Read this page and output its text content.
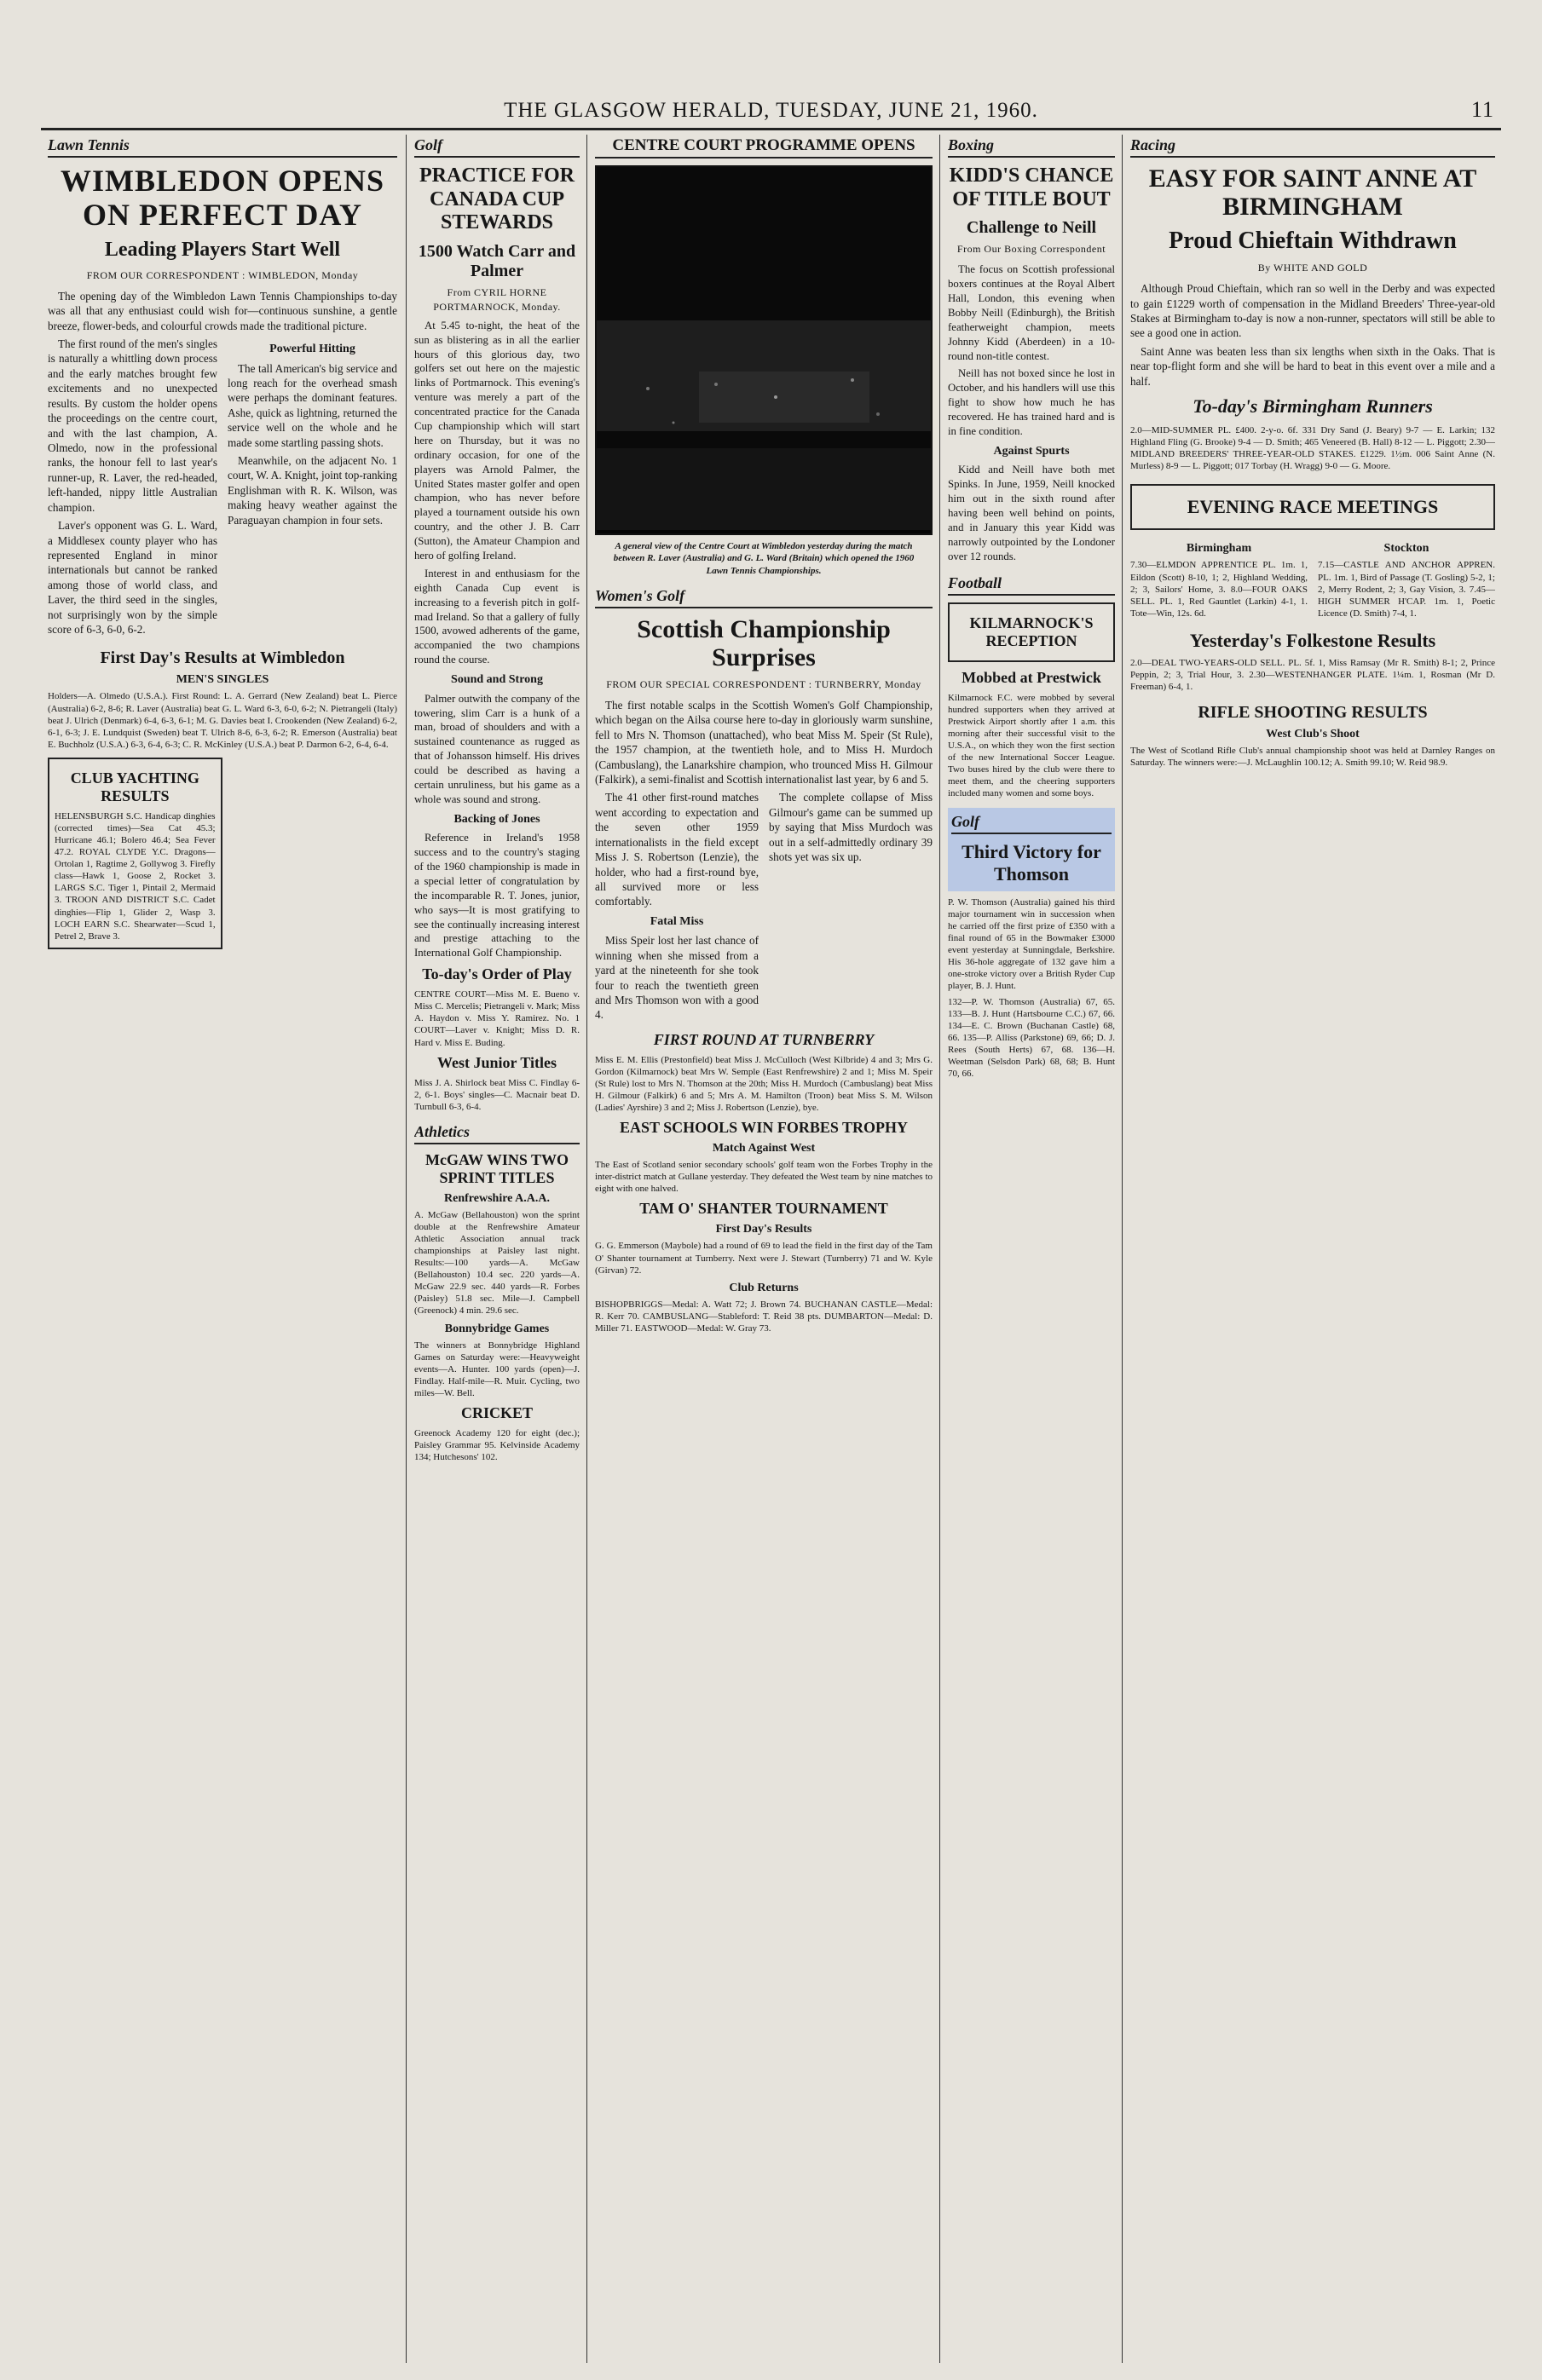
THE GLASGOW HERALD, TUESDAY, JUNE 21, 1960.	11
Lawn Tennis
WIMBLEDON OPENS ON PERFECT DAY
Leading Players Start Well
FROM OUR CORRESPONDENT : WIMBLEDON, Monday

The opening day of the Wimbledon Lawn Tennis Championships to-day was all that any enthusiast could wish for—continuous sunshine, a gentle breeze, flower-beds, and colourful crowds made the traditional picture.

The first round of the men's singles is naturally a whittling down process and the early matches brought few excitements and no unexpected results. By custom the holder opens the proceedings on the centre court, and with the last champion, A. Olmedo, now in the professional ranks, the honour fell to last year's runner-up, R. Laver, the red-headed, left-handed, nippy little Australian champion.

Laver's opponent was G. L. Ward, a Middlesex county player who has represented England in minor internationals but cannot be ranked among those of world class, and Laver, the third seed in the singles, not surprisingly won by the simple score of 6-3, 6-0, 6-2.

Powerful Hitting

The tall American's big service and long reach for the overhead smash were perhaps the dominant features. Ashe, quick as lightning, returned the service well on the whole and he made some startling passing shots.

Meanwhile, on the adjacent No. 1 court, W. A. Knight, joint top-ranking Englishman with R. K. Wilson, was making heavy weather against the Paraguayan champion in four sets.

First Day's Results at Wimbledon
MEN'S SINGLES
Holders—A. Olmedo (U.S.A.). First Round: L. A. Gerrard (New Zealand) beat L. Pierce (Australia) 6-2, 8-6; R. Laver (Australia) beat G. L. Ward 6-3, 6-0, 6-2; N. Pietrangeli (Italy) beat J. Ulrich (Denmark) 6-4, 6-3, 6-1; M. G. Davies beat I. Crookenden (New Zealand) 6-2, 6-1, 6-3; J. E. Lundquist (Sweden) beat T. Ulrich 8-6, 6-3, 6-2; R. Emerson (Australia) beat E. Buchholz (U.S.A.) 6-3, 6-4, 6-3; C. R. McKinley (U.S.A.) beat P. Darmon 6-2, 6-4, 6-4.
CLUB YACHTING RESULTS
HELENSBURGH S.C. Handicap dinghies (corrected times)—Sea Cat 45.3; Hurricane 46.1; Bolero 46.4; Sea Fever 47.2. ROYAL CLYDE Y.C. Dragons—Ortolan 1, Ragtime 2, Gollywog 3. Firefly class—Hawk 1, Goose 2, Rocket 3. LARGS S.C. Tiger 1, Pintail 2, Mermaid 3. TROON AND DISTRICT S.C. Cadet dinghies—Flip 1, Glider 2, Wasp 3. LOCH EARN S.C. Shearwater—Scud 1, Petrel 2, Brave 3.
Golf
PRACTICE FOR CANADA CUP STEWARDS
1500 Watch Carr and Palmer
From CYRIL HORNE
PORTMARNOCK, Monday.

At 5.45 to-night, the heat of the sun as blistering as in all the earlier hours of this glorious day, two golfers set out here on the majestic links of Portmarnock. This evening's venture was merely a part of the concentrated practice for the Canada Cup championship which will start here on Thursday, but it was no ordinary occasion, for one of the players was Arnold Palmer, the United States master golfer and open champion, who has never before played a tournament outside his own country, and the other J. B. Carr (Sutton), the Amateur Champion and hero of golfing Ireland.

Interest in and enthusiasm for the eighth Canada Cup event is increasing to a feverish pitch in golf-mad Ireland. So that a gallery of fully 1500, avowed adherents of the game, accompanied the two champions round the course.

Sound and Strong

Palmer outwith the company of the towering, slim Carr is a hunk of a man, broad of shoulders and with a sustained countenance as rugged as that of Johansson himself. His drives could be described as having a certain unruliness, but his game as a whole was sound and strong.

Backing of Jones

Reference in Ireland's 1958 success and to the country's staging of the 1960 championship is made in a special letter of congratulation by the incomparable R. T. Jones, junior, who says—It is most gratifying to see the continually increasing interest and prestige attaching to the International Golf Championship.

To-day's Order of Play
CENTRE COURT—Miss M. E. Bueno v. Miss C. Mercelis; Pietrangeli v. Mark; Miss A. Haydon v. Miss Y. Ramirez. No. 1 COURT—Laver v. Knight; Miss D. R. Hard v. Miss E. Buding.
West Junior Titles
Miss J. A. Shirlock beat Miss C. Findlay 6-2, 6-1. Boys' singles—C. Macnair beat D. Turnbull 6-3, 6-4.
Athletics
McGAW WINS TWO SPRINT TITLES
Renfrewshire A.A.A.
A. McGaw (Bellahouston) won the sprint double at the Renfrewshire Amateur Athletic Association annual track championships at Paisley last night. Results:—100 yards—A. McGaw (Bellahouston) 10.4 sec. 220 yards—A. McGaw 22.9 sec. 440 yards—R. Forbes (Paisley) 51.8 sec. Mile—J. Campbell (Greenock) 4 min. 29.6 sec.
Bonnybridge Games
The winners at Bonnybridge Highland Games on Saturday were:—Heavyweight events—A. Hunter. 100 yards (open)—J. Findlay. Half-mile—R. Muir. Cycling, two miles—W. Bell.
CRICKET
Greenock Academy 120 for eight (dec.); Paisley Grammar 95. Kelvinside Academy 134; Hutchesons' 102.
CENTRE COURT PROGRAMME OPENS
A general view of the Centre Court at Wimbledon yesterday during the match between R. Laver (Australia) and G. L. Ward (Britain) which opened the 1960 Lawn Tennis Championships.
Women's Golf
Scottish Championship Surprises
FROM OUR SPECIAL CORRESPONDENT : TURNBERRY, Monday

The first notable scalps in the Scottish Women's Golf Championship, which began on the Ailsa course here to-day in gloriously warm sunshine, fell to Mrs N. Thomson (unattached), who beat Miss M. Speir (St Rule), the 1957 champion, at the twentieth hole, and to Miss H. Murdoch (Cambuslang), the Lanarkshire champion, who trounced Miss H. Gilmour (Falkirk), a semi-finalist and Scottish internationalist last year, by 6 and 5.

The 41 other first-round matches went according to expectation and the seven other 1959 internationalists in the field except Miss J. S. Robertson (Lenzie), the holder, who had a first-round bye, all survived more or less comfortably.

Fatal Miss

Miss Speir lost her last chance of winning when she missed from a yard at the nineteenth for she took four to reach the twentieth green and Mrs Thomson won with a good 4.

The complete collapse of Miss Gilmour's game can be summed up by saying that Miss Murdoch was out in a self-admittedly ordinary 39 shots yet was six up.

FIRST ROUND AT TURNBERRY
Miss E. M. Ellis (Prestonfield) beat Miss J. McCulloch (West Kilbride) 4 and 3; Mrs G. Gordon (Kilmarnock) beat Mrs W. Semple (East Renfrewshire) 2 and 1; Miss M. Speir (St Rule) lost to Mrs N. Thomson at the 20th; Miss H. Murdoch (Cambuslang) beat Miss H. Gilmour (Falkirk) 6 and 5; Mrs A. M. Hamilton (Troon) beat Miss S. M. Wilson (Ladies' Ayrshire) 3 and 2; Miss J. Robertson (Lenzie), bye.
EAST SCHOOLS WIN FORBES TROPHY
Match Against West
The East of Scotland senior secondary schools' golf team won the Forbes Trophy in the inter-district match at Gullane yesterday. They defeated the West team by nine matches to eight with one halved.
TAM O' SHANTER TOURNAMENT
First Day's Results
G. G. Emmerson (Maybole) had a round of 69 to lead the field in the first day of the Tam O' Shanter tournament at Turnberry. Next were J. Stewart (Turnberry) 71 and W. Kyle (Girvan) 72.
Club Returns
BISHOPBRIGGS—Medal: A. Watt 72; J. Brown 74. BUCHANAN CASTLE—Medal: R. Kerr 70. CAMBUSLANG—Stableford: T. Reid 38 pts. DUMBARTON—Medal: D. Miller 71. EASTWOOD—Medal: W. Gray 73.
Boxing
KIDD'S CHANCE OF TITLE BOUT
Challenge to Neill
From Our Boxing Correspondent

The focus on Scottish professional boxers continues at the Royal Albert Hall, London, this evening when Bobby Neill (Edinburgh), the British featherweight champion, meets Johnny Kidd (Aberdeen) in a 10-round non-title contest.

Neill has not boxed since he lost in October, and his handlers will use this fight to show how much he has recovered. He has trained hard and is in fine condition.

Against Spurts

Kidd and Neill have both met Spinks. In June, 1959, Neill knocked him out in the sixth round after having been well behind on points, and in January this year Kidd was narrowly outpointed by the Londoner over 12 rounds.

Football
KILMARNOCK'S RECEPTION
Mobbed at Prestwick
Kilmarnock F.C. were mobbed by several hundred supporters when they arrived at Prestwick Airport shortly after 1 a.m. this morning after their successful visit to the U.S.A., on which they won the first section of the new International Soccer League. Two buses hired by the club were there to meet them, and the cheering supporters included many women and some boys.
Golf
Third Victory for Thomson
P. W. Thomson (Australia) gained his third major tournament win in succession when he carried off the first prize of £350 with a final round of 65 in the Bowmaker £3000 event yesterday at Sunningdale, Berkshire. His 36-hole aggregate of 132 gave him a one-stroke victory over a British Ryder Cup player, B. J. Hunt.
132—P. W. Thomson (Australia) 67, 65. 133—B. J. Hunt (Hartsbourne C.C.) 67, 66. 134—E. C. Brown (Buchanan Castle) 68, 66. 135—P. Alliss (Parkstone) 69, 66; D. J. Rees (South Herts) 67, 68. 136—H. Weetman (Selsdon Park) 68, 68; B. Hunt 70, 66.
Racing
EASY FOR SAINT ANNE AT BIRMINGHAM
Proud Chieftain Withdrawn
By WHITE AND GOLD

Although Proud Chieftain, which ran so well in the Derby and was expected to gain £1229 worth of compensation in the Midland Breeders' Three-year-old Stakes at Birmingham to-day is now a non-runner, spectators will still be able to see a good one in action.

Saint Anne was beaten less than six lengths when sixth in the Oaks. That is near top-flight form and she will be hard to beat in this event over a mile and a half.

To-day's Birmingham Runners
2.0—MID-SUMMER PL. £400. 2-y-o. 6f. 331 Dry Sand (J. Beary) 9-7 — E. Larkin; 132 Highland Fling (G. Brooke) 9-4 — D. Smith; 465 Veneered (B. Hall) 8-12 — L. Piggott; 2.30—MIDLAND BREEDERS' THREE-YEAR-OLD STAKES. £1229. 1½m. 006 Saint Anne (N. Murless) 8-9 — L. Piggott; 017 Torbay (H. Wragg) 9-0 — G. Moore.
EVENING RACE MEETINGS
Birmingham
7.30—ELMDON APPRENTICE PL. 1m. 1, Eildon (Scott) 8-10, 1; 2, Highland Wedding, 2; 3, Sailors' Home, 3. 8.0—FOUR OAKS SELL. PL. 1, Red Gauntlet (Larkin) 4-1, 1. Tote—Win, 12s. 6d.
Stockton
7.15—CASTLE AND ANCHOR APPREN. PL. 1m. 1, Bird of Passage (T. Gosling) 5-2, 1; 2, Merry Rodent, 2; 3, Gay Vision, 3. 7.45—HIGH SUMMER H'CAP. 1m. 1, Poetic Licence (D. Smith) 7-4, 1.
Yesterday's Folkestone Results
2.0—DEAL TWO-YEARS-OLD SELL. PL. 5f. 1, Miss Ramsay (Mr R. Smith) 8-1; 2, Prince Peppin, 2; 3, Trial Hour, 3. 2.30—WESTENHANGER PLATE. 1¼m. 1, Rosman (Mr D. Freeman) 6-4, 1.
RIFLE SHOOTING RESULTS
West Club's Shoot
The West of Scotland Rifle Club's annual championship shoot was held at Darnley Ranges on Saturday. The winners were:—J. McLaughlin 100.12; A. Smith 99.10; W. Reid 98.9.
